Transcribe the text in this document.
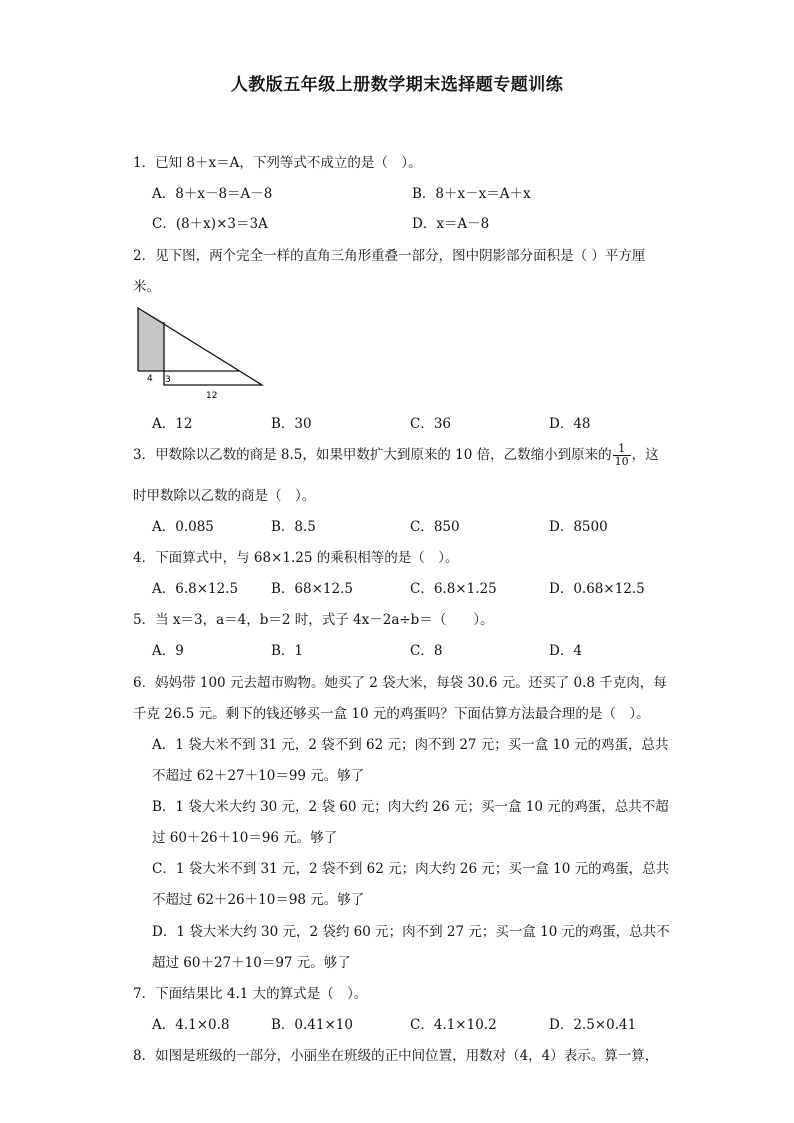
人教版五年级上册数学期末选择题专题训练
1．已知 8＋x＝A，下列等式不成立的是（　）。
A．8＋x－8＝A－8	B．8＋x－x＝A＋x
C．(8＋x)×3＝3A	D．x＝A－8
2．见下图，两个完全一样的直角三角形重叠一部分，图中阴影部分面积是（ ）平方厘
米。
4 3
12
A．12	B．30	C．36	D．48
3．甲数除以乙数的商是 8.5，如果甲数扩大到原来的 10 倍，乙数缩小到原来的 $\frac{1}{10}$ ，这
时甲数除以乙数的商是（　）。
A．0.085	B．8.5	C．850	D．8500
4．下面算式中，与 68×1.25 的乘积相等的是（　）。
A．6.8×12.5 B．68×12.5	C．6.8×1.25	D．0.68×12.5
5．当 x＝3，a＝4，b＝2 时，式子 4x－2a÷b＝（　　）。
A．9	B．1	C．8	D．4
6．妈妈带 100 元去超市购物。她买了 2 袋大米，每袋 30.6 元。还买了 0.8 千克肉，每
千克 26.5 元。剩下的钱还够买一盒 10 元的鸡蛋吗？下面估算方法最合理的是（　）。
A．1 袋大米不到 31 元，2 袋不到 62 元；肉不到 27 元；买一盒 10 元的鸡蛋，总共
不超过 62＋27＋10＝99 元。够了
B．1 袋大米大约 30 元，2 袋 60 元；肉大约 26 元；买一盒 10 元的鸡蛋，总共不超
过 60＋26＋10＝96 元。够了
C．1 袋大米不到 31 元，2 袋不到 62 元；肉大约 26 元；买一盒 10 元的鸡蛋，总共
不超过 62＋26＋10＝98 元。够了
D．1 袋大米大约 30 元，2 袋约 60 元；肉不到 27 元；买一盒 10 元的鸡蛋，总共不
超过 60＋27＋10＝97 元。够了
7．下面结果比 4.1 大的算式是（　）。
A．4.1×0.8	B．0.41×10	C．4.1×10.2	D．2.5×0.41
8．如图是班级的一部分，小丽坐在班级的正中间位置，用数对（4，4）表示。算一算，
